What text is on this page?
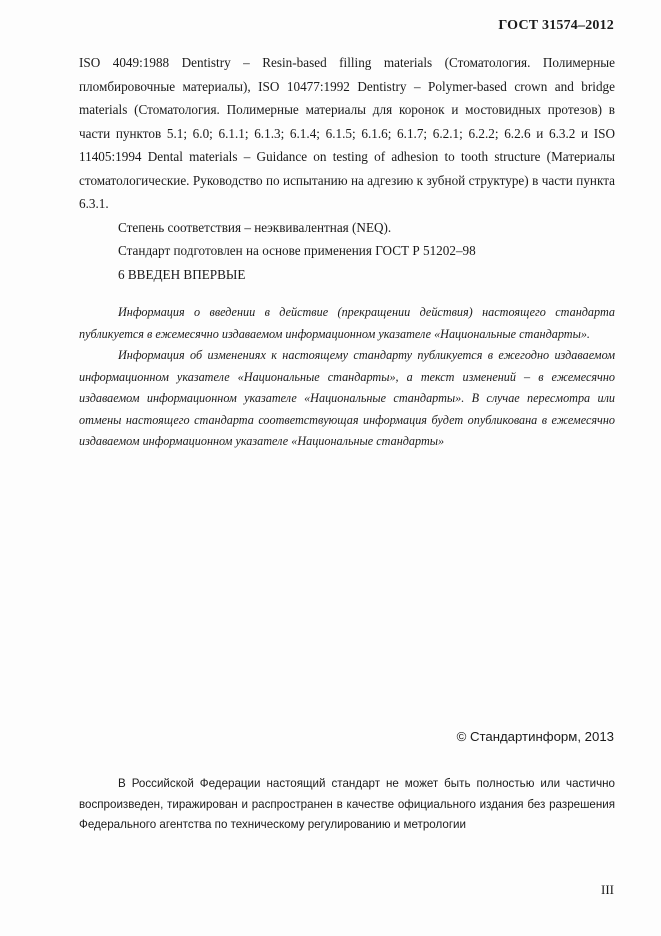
ГОСТ 31574–2012

ISO 4049:1988 Dentistry – Resin-based filling materials (Стоматология. Полимерные пломбировочные материалы), ISO 10477:1992 Dentistry – Polymer-based crown and bridge materials (Стоматология. Полимерные материалы для коронок и мостовидных протезов) в части пунктов 5.1; 6.0; 6.1.1; 6.1.3; 6.1.4; 6.1.5; 6.1.6; 6.1.7; 6.2.1; 6.2.2; 6.2.6 и 6.3.2 и ISO 11405:1994 Dental materials – Guidance on testing of adhesion to tooth structure (Материалы стоматологические. Руководство по испытанию на адгезию к зубной структуре) в части пункта 6.3.1.

Степень соответствия – неэквивалентная (NEQ).

Стандарт подготовлен на основе применения ГОСТ Р 51202–98

6 ВВЕДЕН ВПЕРВЫЕ

Информация о введении в действие (прекращении действия) настоящего стандарта публикуется в ежемесячно издаваемом информационном указателе «Национальные стандарты».

Информация об изменениях к настоящему стандарту публикуется в ежегодно издаваемом информационном указателе «Национальные стандарты», а текст изменений – в ежемесячно издаваемом информационном указателе «Национальные стандарты». В случае пересмотра или отмены настоящего стандарта соответствующая информация будет опубликована в ежемесячно издаваемом информационном указателе «Национальные стандарты»

© Стандартинформ, 2013

В Российской Федерации настоящий стандарт не может быть полностью или частично воспроизведен, тиражирован и распространен в качестве официального издания без разрешения Федерального агентства по техническому регулированию и метрологии

III
